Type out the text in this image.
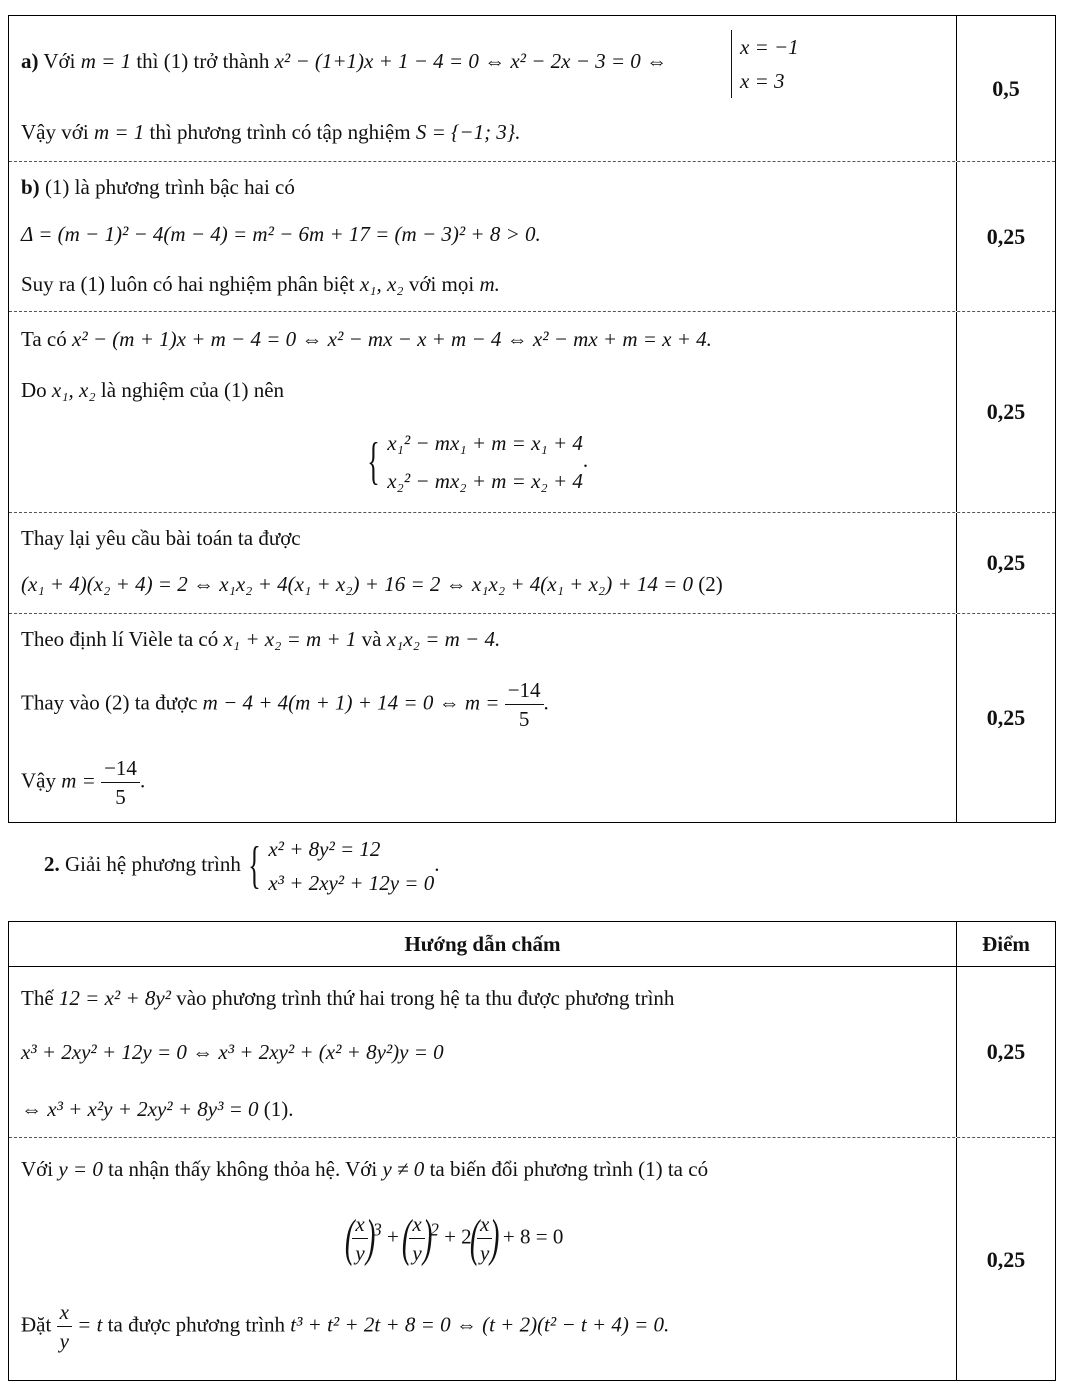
a) Với m = 1 thì (1) trở thành x² − (1+1)x + 1 − 4 = 0 ⇔ x² − 2x − 3 = 0 ⇔
x = −1
x = 3
Vậy với m = 1 thì phương trình có tập nghiệm S = {−1; 3}.
0,5
b) (1) là phương trình bậc hai có
Δ = (m − 1)² − 4(m − 4) = m² − 6m + 17 = (m − 3)² + 8 > 0.
Suy ra (1) luôn có hai nghiệm phân biệt x₁, x₂ với mọi m.
0,25
Ta có x² − (m + 1)x + m − 4 = 0 ⇔ x² − mx − x + m − 4 ⇔ x² − mx + m = x + 4.
Do x₁, x₂ là nghiệm của (1) nên
{ x₁² − mx₁ + m = x₁ + 4
x₂² − mx₂ + m = x₂ + 4
.
0,25
Thay lại yêu cầu bài toán ta được
(x₁ + 4)(x₂ + 4) = 2 ⇔ x₁x₂ + 4(x₁ + x₂) + 16 = 2 ⇔ x₁x₂ + 4(x₁ + x₂) + 14 = 0 (2)
0,25
Theo định lí Vièle ta có x₁ + x₂ = m + 1 và x₁x₂ = m − 4.
Thay vào (2) ta được m − 4 + 4(m + 1) + 14 = 0 ⇔ $m = \frac{-14}{5}$ .
Vậy $m = \frac{-14}{5}$ .
0,25
2. Giải hệ phương trình { x² + 8y² = 12
x³ + 2xy² + 12y = 0
.
Hướng dẫn chấm	Điểm
Thế 12 = x² + 8y² vào phương trình thứ hai trong hệ ta thu được phương trình
x³ + 2xy² + 12y = 0 ⇔ x³ + 2xy² + (x² + 8y²)y = 0
⇔ x³ + x²y + 2xy² + 8y³ = 0 (1).
0,25
Với y = 0 ta nhận thấy không thỏa hệ. Với y ≠ 0 ta biến đổi phương trình (1) ta có
(
$\frac{x}{y}$
)$^3$ + (
$\frac{x}{y}$
)$^2$ + 2(
$\frac{x}{y}$
) + 8 = 0
Đặt $\frac{x}{y} = t$ ta được phương trình t³ + t² + 2t + 8 = 0 ⇔ (t + 2)(t² − t + 4) = 0.
0,25
